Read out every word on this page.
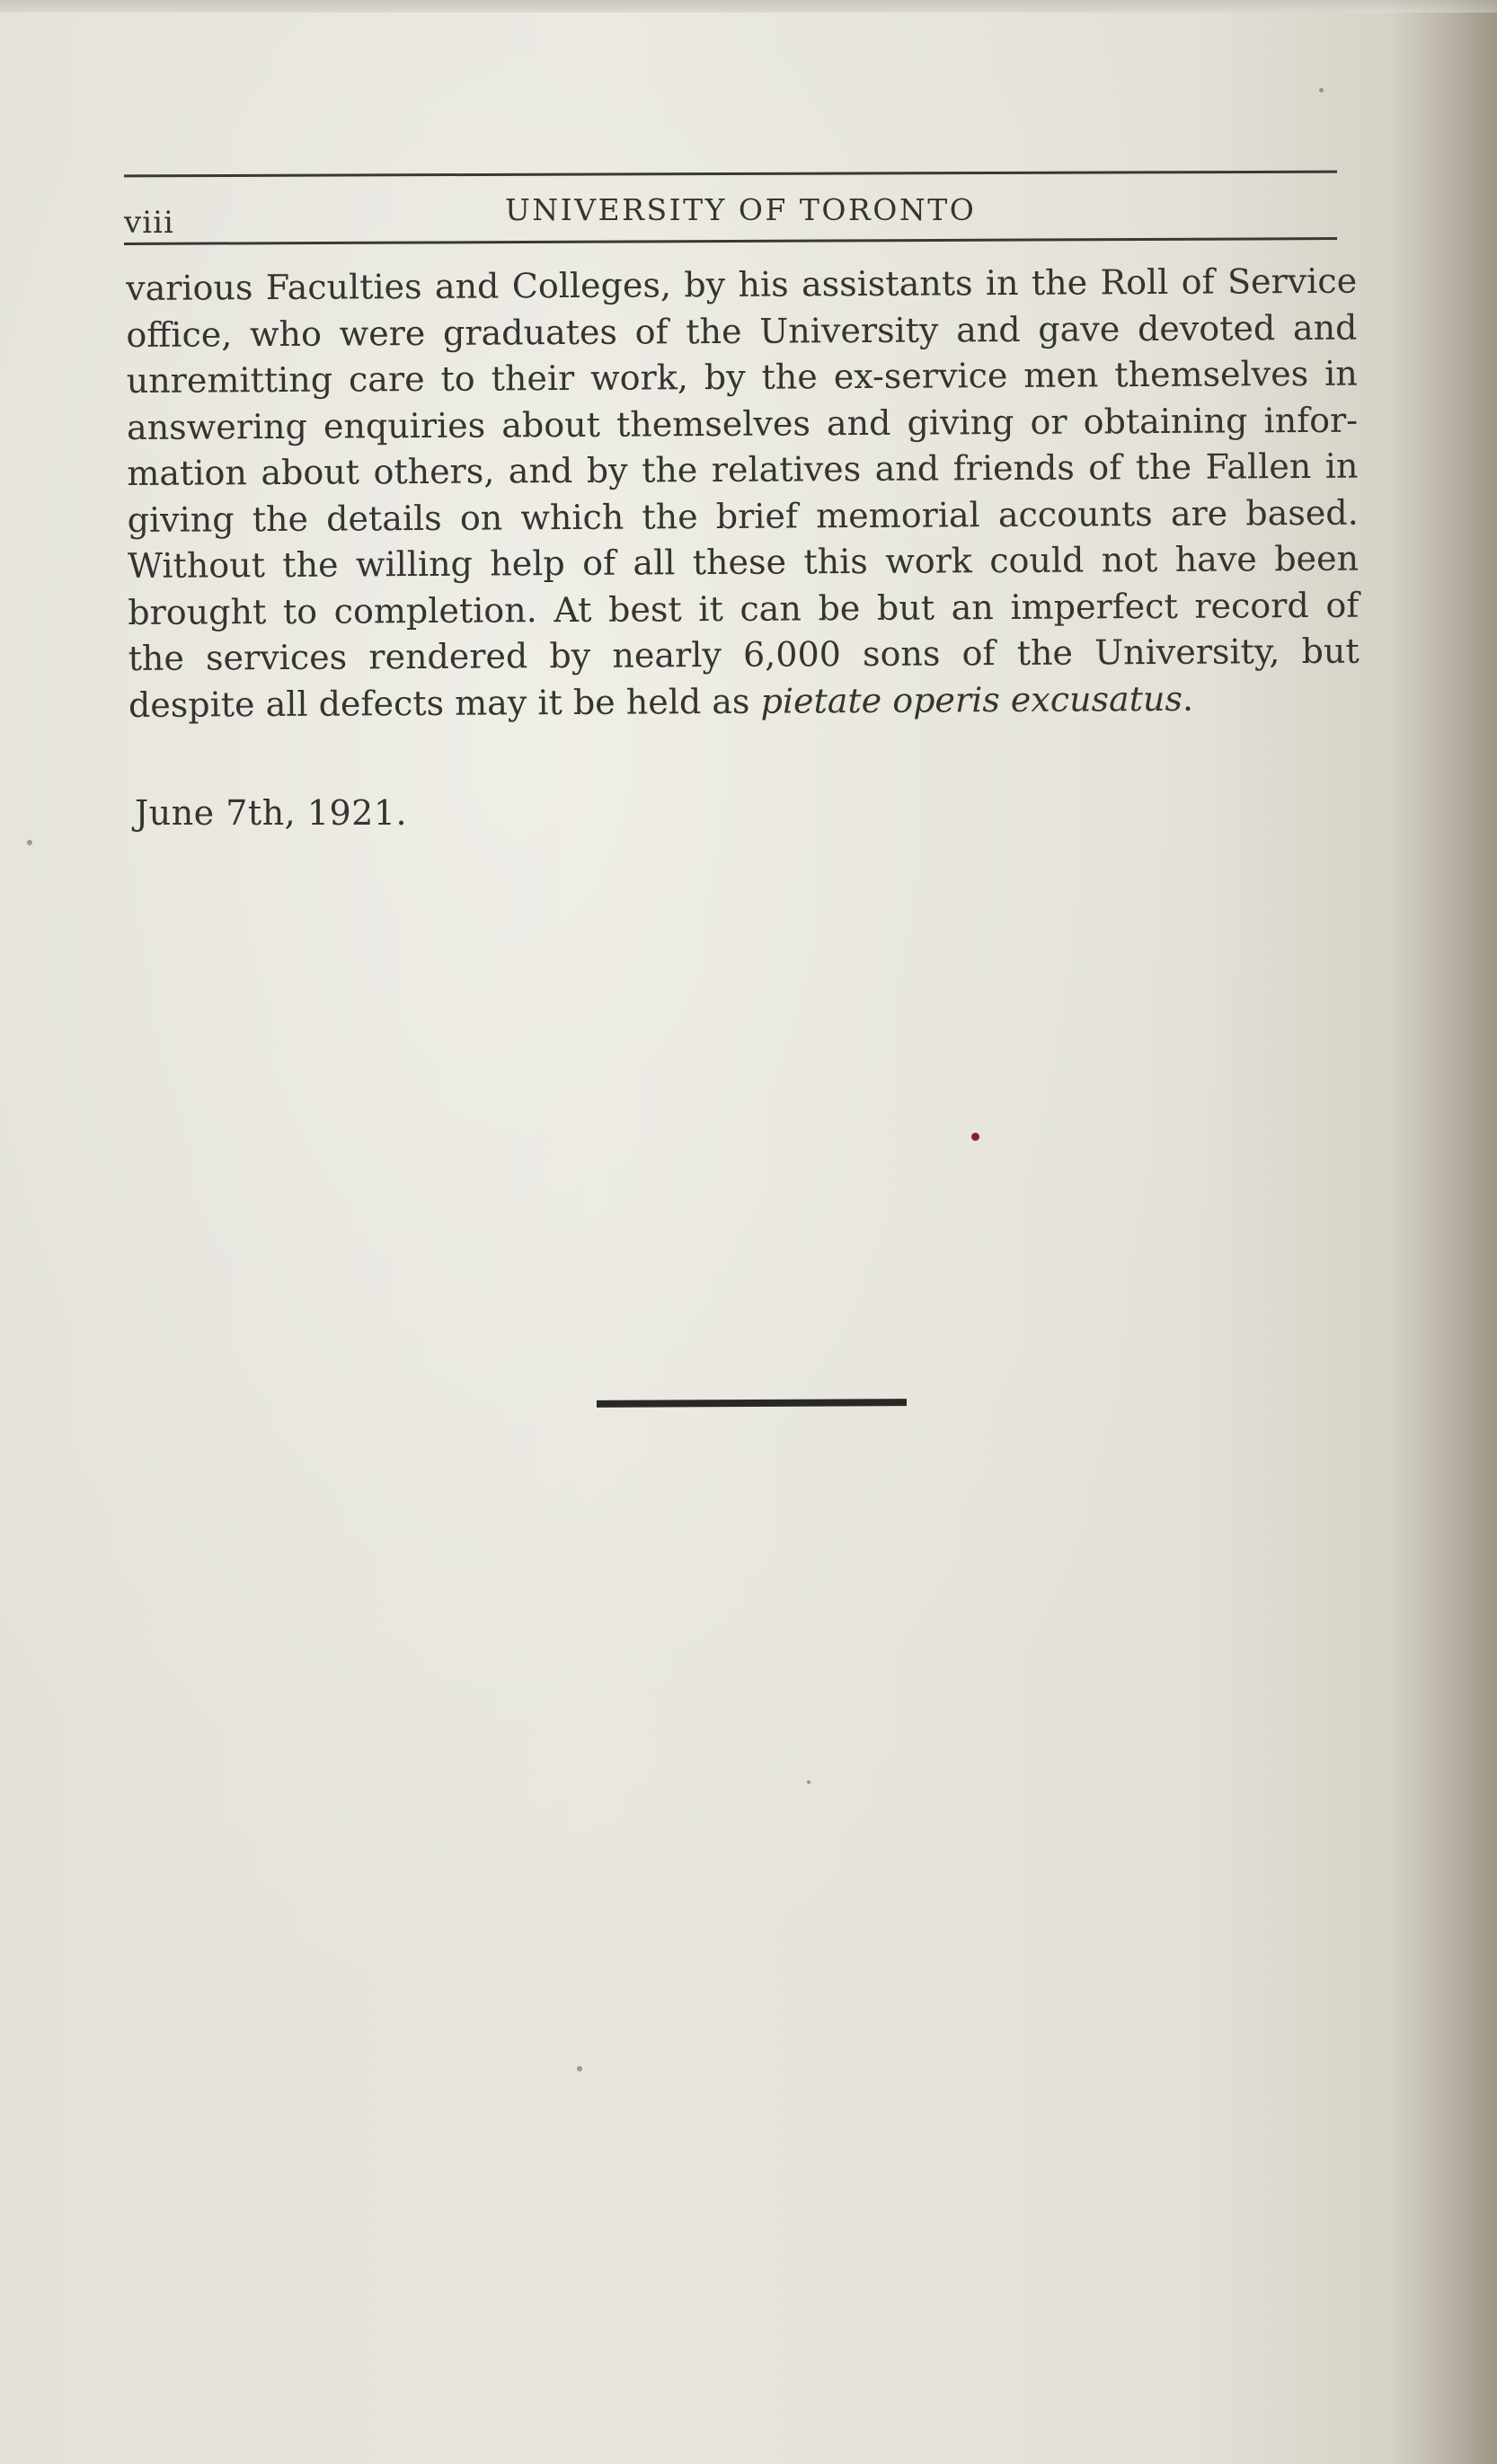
viii	UNIVERSITY OF TORONTO
various Faculties and Colleges, by his assistants in the Roll of Service
office, who were graduates of the University and gave devoted and
unremitting care to their work, by the ex-service men themselves in
answering enquiries about themselves and giving or obtaining infor-
mation about others, and by the relatives and friends of the Fallen in
giving the details on which the brief memorial accounts are based.
Without the willing help of all these this work could not have been
brought to completion. At best it can be but an imperfect record of
the services rendered by nearly 6,000 sons of the University, but
despite all defects may it be held as pietate operis excusatus.
June 7th, 1921.
